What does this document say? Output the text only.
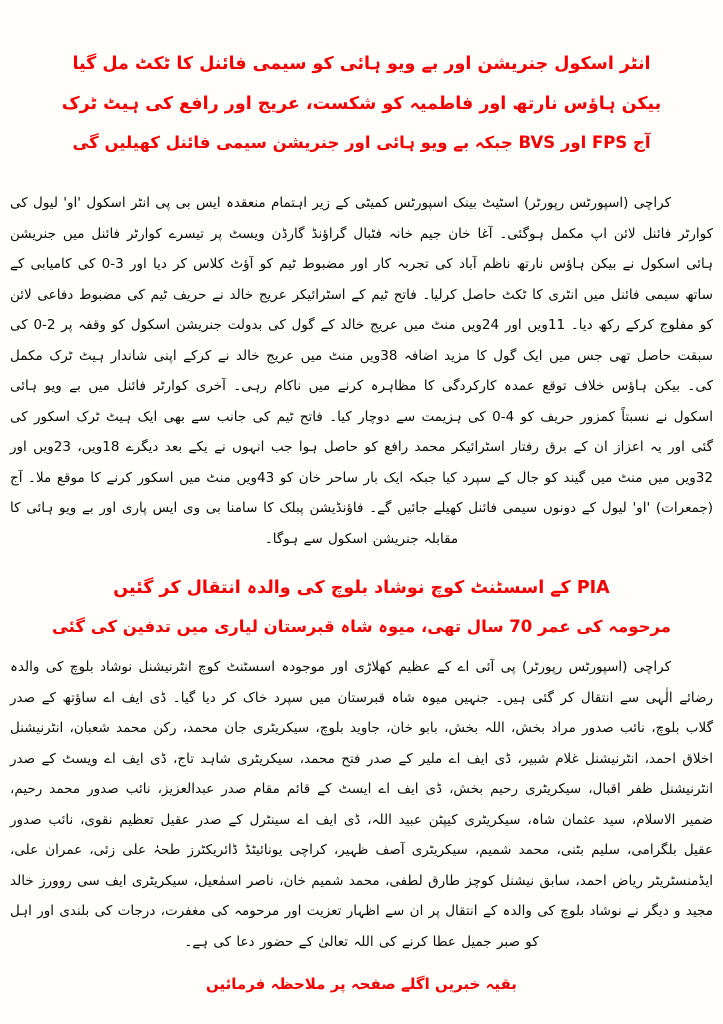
انٹر اسکول جنریشن اور بے ویو ہائی کو سیمی فائنل کا ٹکٹ مل گیا
بیکن ہاؤس نارتھ اور فاطمیہ کو شکست، عریج اور رافع کی ہیٹ ٹرک
آج FPS اور BVS جبکہ بے ویو ہائی اور جنریشن سیمی فائنل کھیلیں گی

کراچی (اسپورٹس رپورٹر) اسٹیٹ بینک اسپورٹس کمیٹی کے زیر اہتمام منعقدہ ایس بی پی انٹر اسکول 'او' لیول کی کوارٹر فائنل لائن اپ مکمل ہوگئی۔ آغا خان جیم خانہ فٹبال گراؤنڈ گارڈن ویسٹ پر تیسرے کوارٹر فائنل میں جنریشن ہائی اسکول نے بیکن ہاؤس نارتھ ناظم آباد کی تجربہ کار اور مضبوط ٹیم کو آؤٹ کلاس کر دیا اور 3-0 کی کامیابی کے ساتھ سیمی فائنل میں انٹری کا ٹکٹ حاصل کرلیا۔ فاتح ٹیم کے اسٹرائیکر عریج خالد نے حریف ٹیم کی مضبوط دفاعی لائن کو مفلوج کرکے رکھ دیا۔ 11ویں اور 24ویں منٹ میں عریج خالد کے گول کی بدولت جنریشن اسکول کو وقفہ پر 2-0 کی سبقت حاصل تھی جس میں ایک گول کا مزید اضافہ 38ویں منٹ میں عریج خالد نے کرکے اپنی شاندار ہیٹ ٹرک مکمل کی۔ بیکن ہاؤس خلاف توقع عمدہ کارکردگی کا مظاہرہ کرنے میں ناکام رہی۔ آخری کوارٹر فائنل میں بے ویو ہائی اسکول نے نسبتاً کمزور حریف کو 4-0 کی ہزیمت سے دوچار کیا۔ فاتح ٹیم کی جانب سے بھی ایک ہیٹ ٹرک اسکور کی گئی اور یہ اعزاز ان کے برق رفتار اسٹرائیکر محمد رافع کو حاصل ہوا جب انہوں نے یکے بعد دیگرے 18ویں، 23ویں اور 32ویں میں منٹ میں گیند کو جال کے سپرد کیا جبکہ ایک بار ساحر خان کو 43ویں منٹ میں اسکور کرنے کا موقع ملا۔ آج (جمعرات) 'او' لیول کے دونوں سیمی فائنل کھیلے جائیں گے۔ فاؤنڈیشن پبلک کا سامنا بی وی ایس پاری اور بے ویو ہائی کا مقابلہ جنریشن اسکول سے ہوگا۔

PIA کے اسسٹنٹ کوچ نوشاد بلوچ کی والدہ انتقال کر گئیں
مرحومہ کی عمر 70 سال تھی، میوہ شاہ قبرستان لیاری میں تدفین کی گئی

کراچی (اسپورٹس رپورٹر) پی آئی اے کے عظیم کھلاڑی اور موجودہ اسسٹنٹ کوچ انٹرنیشنل نوشاد بلوچ کی والدہ رضائے الٰہی سے انتقال کر گئی ہیں۔ جنہیں میوہ شاہ قبرستان میں سپرد خاک کر دیا گیا۔ ڈی ایف اے ساؤتھ کے صدر گلاب بلوچ، نائب صدور مراد بخش، اللہ بخش، بابو خان، جاوید بلوچ، سیکریٹری جان محمد، رکن محمد شعبان، انٹرنیشنل اخلاق احمد، انٹرنیشنل غلام شبیر، ڈی ایف اے ملیر کے صدر فتح محمد، سیکریٹری شاہد تاج، ڈی ایف اے ویسٹ کے صدر انٹرنیشنل ظفر اقبال، سیکریٹری رحیم بخش، ڈی ایف اے ایسٹ کے قائم مقام صدر عبدالعزیز، نائب صدور محمد رحیم، ضمیر الاسلام، سید عثمان شاہ، سیکریٹری کیپٹن عبید اللہ، ڈی ایف اے سینٹرل کے صدر عقیل تعظیم نقوی، نائب صدور عقیل بلگرامی، سلیم بٹنی، محمد شمیم، سیکریٹری آصف ظہیر، کراچی یونائیٹڈ ڈائریکٹرز طحہٰ علی زئی، عمران علی، ایڈمنسٹریٹر ریاض احمد، سابق نیشنل کوچز طارق لطفی، محمد شمیم خان، ناصر اسمٰعیل، سیکریٹری ایف سی روورز خالد مجید و دیگر نے نوشاد بلوچ کی والدہ کے انتقال پر ان سے اظہار تعزیت اور مرحومہ کی مغفرت، درجات کی بلندی اور اہل کو صبر جمیل عطا کرنے کی اللہ تعالیٰ کے حضور دعا کی ہے۔

بقیہ خبریں اگلے صفحہ پر ملاحظہ فرمائیں
